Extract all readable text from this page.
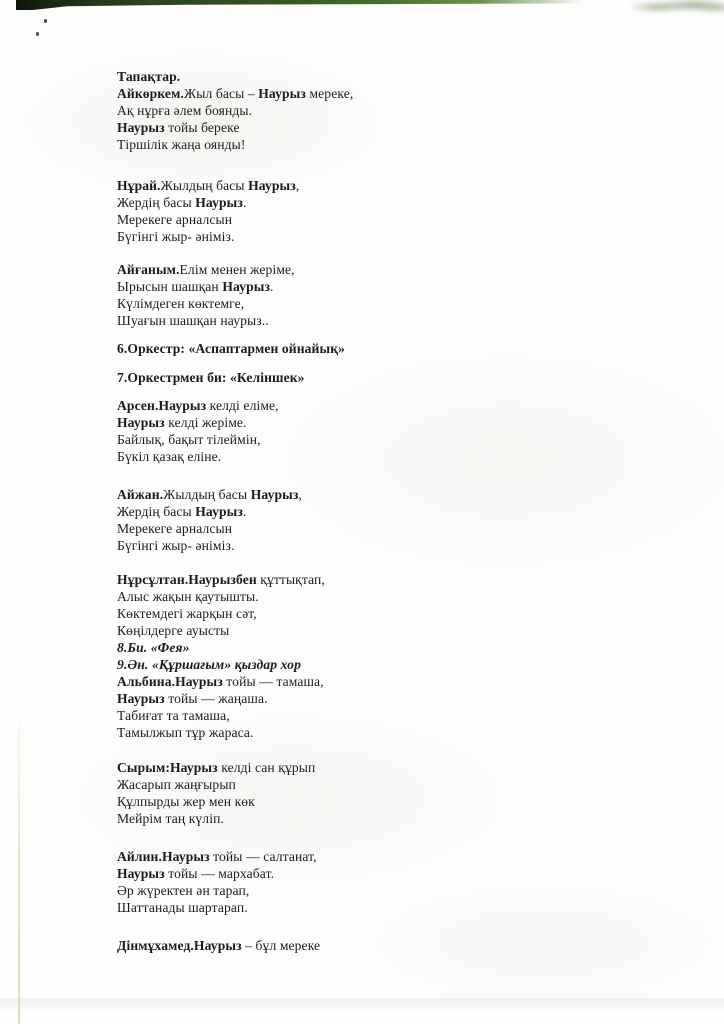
Тапақтар.
Айкөркем.Жыл басы – Наурыз мереке,
Ақ нұрға әлем боянды.
Наурыз тойы береке
Тіршілік жаңа оянды!
Нұрай.Жылдың басы Наурыз,
Жердің басы Наурыз.
Мерекеге арналсын
Бүгінгі жыр- әніміз.
Айғаным.Елім менен жеріме,
Ырысын шашқан Наурыз.
Күлімдеген көктемге,
Шуағын шашқан наурыз..
6.Оркестр: «Аспаптармен ойнайық»
7.Оркестрмен би: «Келіншек»
Арсен.Наурыз келді еліме,
Наурыз келді жеріме.
Байлық, бақыт тілеймін,
Бүкіл қазақ еліне.
Айжан.Жылдың басы Наурыз,
Жердің басы Наурыз.
Мерекеге арналсын
Бүгінгі жыр- әніміз.
Нұрсұлтан.Наурызбен құттықтап,
Алыс жақын қаутышты.
Көктемдегі жарқын сәт,
Көңілдерге ауысты
8.Би. «Фея»
9.Ән. «Құршағым» қыздар хор
Альбина.Наурыз тойы — тамаша,
Наурыз тойы — жаңаша.
Табиғат та тамаша,
Тамылжып тұр жараса.
Сырым:Наурыз келді сан құрып
Жасарып жаңғырып
Құлпырды жер мен көк
Мейрім таң күліп.
Айлин.Наурыз тойы — салтанат,
Наурыз тойы — мархабат.
Әр жүректен ән тарап,
Шаттанады шартарап.
Дінмұхамед.Наурыз – бұл мереке
